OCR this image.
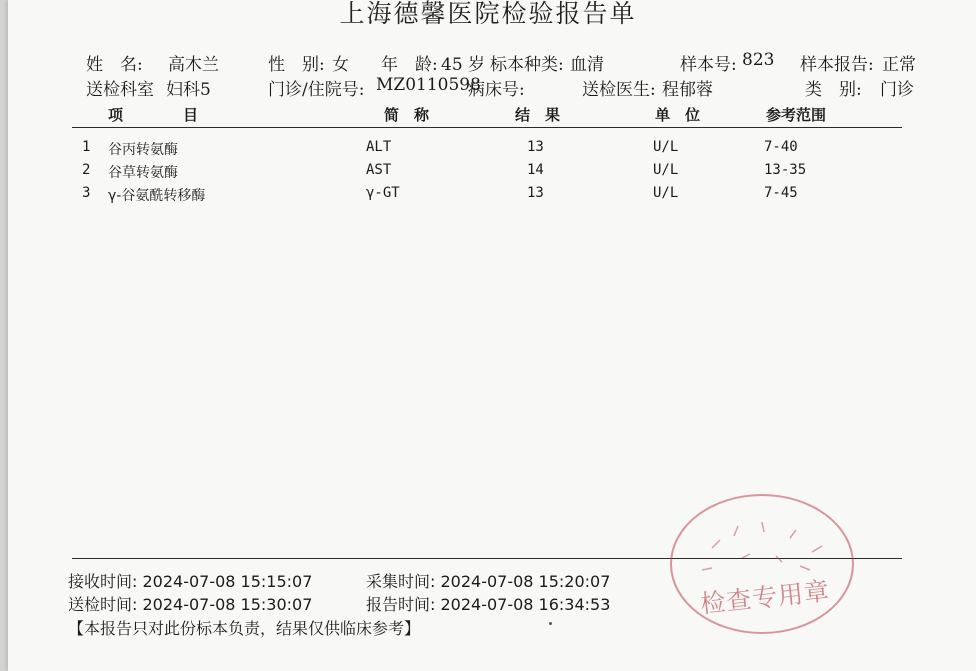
上海德馨医院检验报告单
姓　名: 高木兰	性　别: 女 年　龄: 45 岁 标本种类: 血清	样本号: 823 样本报告: 正常
送检科室 妇科5	门诊/住院号: MZ0110598
病床号:	送检医生: 程郁蓉	类　别: 门诊
项　　　　目	简　称	结　果	单　位	参考范围
1 谷丙转氨酶	ALT	13	U/L	7-40
2 谷草转氨酶	AST	14	U/L	13-35
3 γ-谷氨酰转移酶	γ-GT	13	U/L	7-45
接收时间: 2024-07-08 15:15:07	采集时间: 2024-07-08 15:20:07
送检时间: 2024-07-08 15:30:07	报告时间: 2024-07-08 16:34:53
【本报告只对此份标本负责，结果仅供临床参考】
检查专用章
